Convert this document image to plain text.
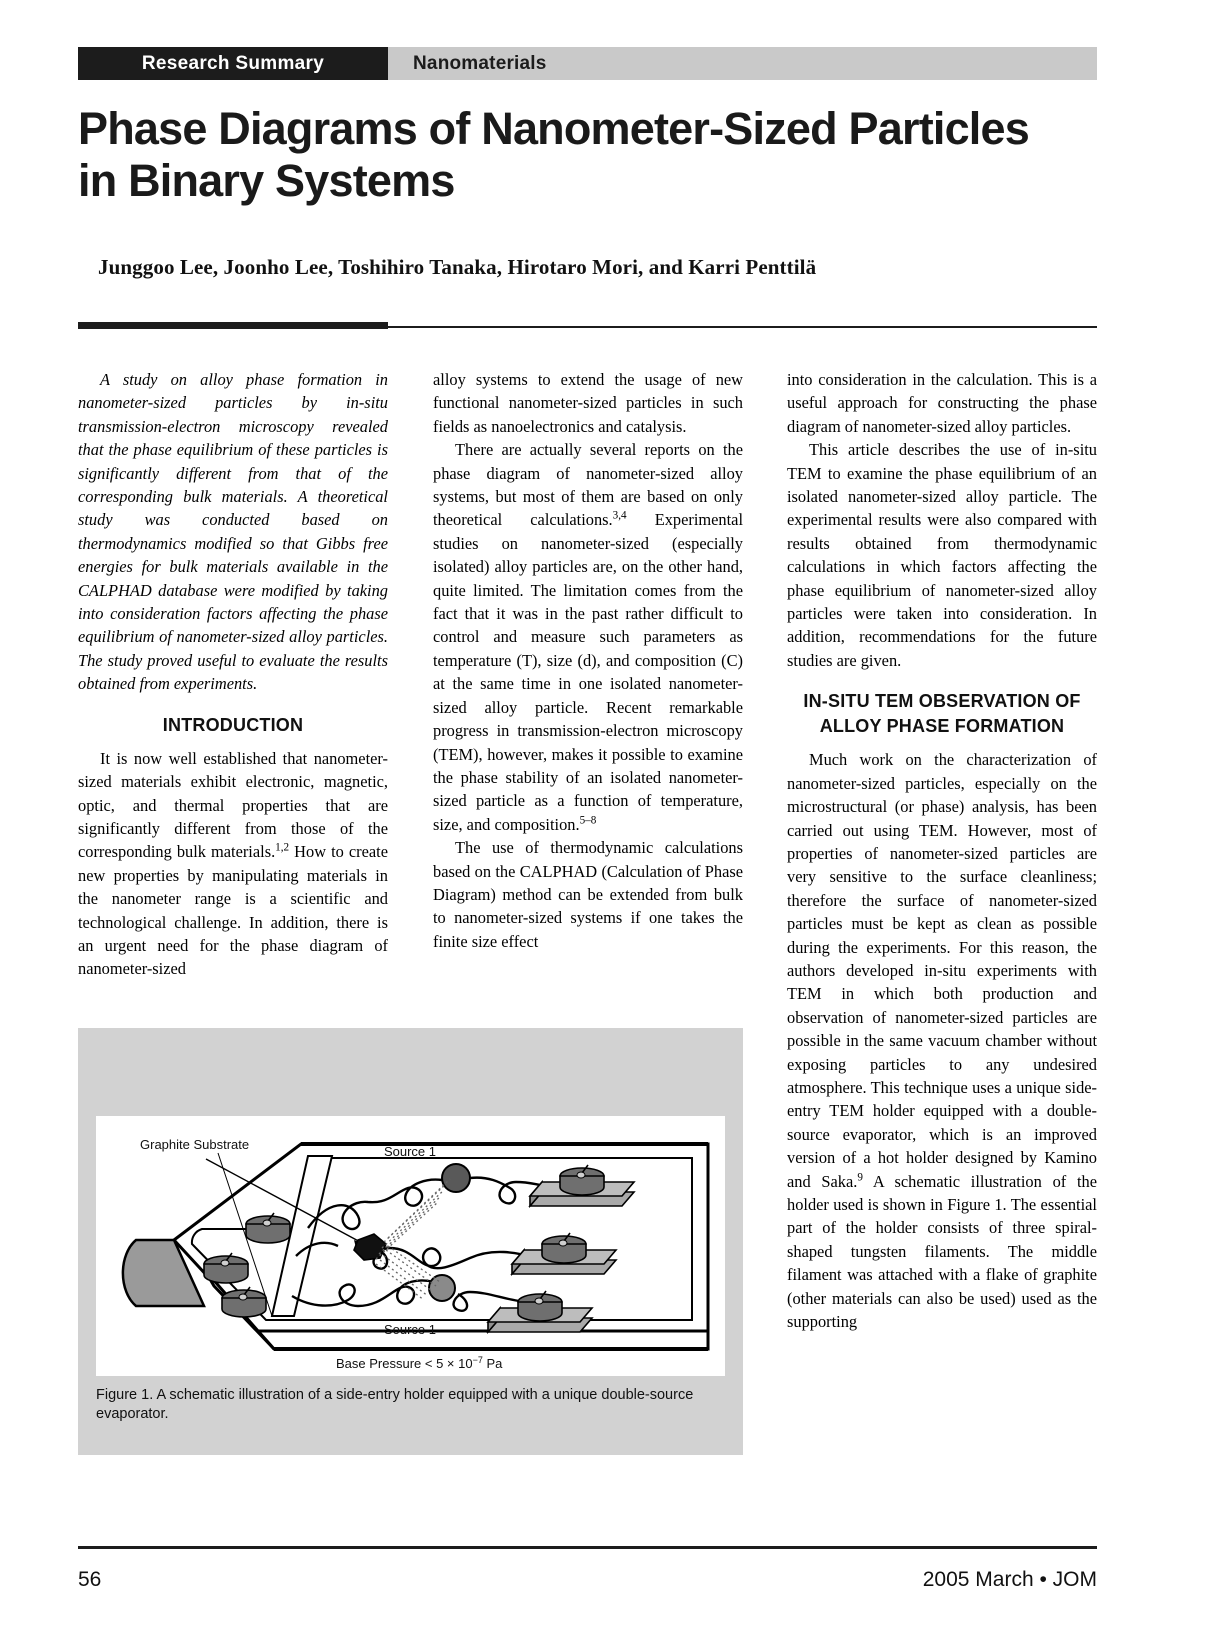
Research Summary	Nanomaterials
Phase Diagrams of Nanometer-Sized Particles in Binary Systems
Junggoo Lee, Joonho Lee, Toshihiro Tanaka, Hirotaro Mori, and Karri Penttilä

A study on alloy phase formation in nanometer-sized particles by in-situ transmission-electron microscopy revealed that the phase equilibrium of these particles is significantly different from that of the corresponding bulk materials. A theoretical study was conducted based on thermodynamics modified so that Gibbs free energies for bulk materials available in the CALPHAD database were modified by taking into consideration factors affecting the phase equilibrium of nanometer-sized alloy particles. The study proved useful to evaluate the results obtained from experiments.

INTRODUCTION

It is now well established that nanometer-sized materials exhibit electronic, magnetic, optic, and thermal properties that are significantly different from those of the corresponding bulk materials.$^{1,2}$ How to create new properties by manipulating materials in the nanometer range is a scientific and technological challenge. In addition, there is an urgent need for the phase diagram of nanometer-sized

alloy systems to extend the usage of new functional nanometer-sized particles in such fields as nanoelectronics and catalysis.

There are actually several reports on the phase diagram of nanometer-sized alloy systems, but most of them are based on only theoretical calculations.$^{3,4}$ Experimental studies on nanometer-sized (especially isolated) alloy particles are, on the other hand, quite limited. The limitation comes from the fact that it was in the past rather difficult to control and measure such parameters as temperature (T), size (d), and composition (C) at the same time in one isolated nanometer-sized alloy particle. Recent remarkable progress in transmission-electron microscopy (TEM), however, makes it possible to examine the phase stability of an isolated nanometer-sized particle as a function of temperature, size, and composition.$^{5-8}$

The use of thermodynamic calculations based on the CALPHAD (Calculation of Phase Diagram) method can be extended from bulk to nanometer-sized systems if one takes the finite size effect

into consideration in the calculation. This is a useful approach for constructing the phase diagram of nanometer-sized alloy particles.

This article describes the use of in-situ TEM to examine the phase equilibrium of an isolated nanometer-sized alloy particle. The experimental results were also compared with results obtained from thermodynamic calculations in which factors affecting the phase equilibrium of nanometer-sized alloy particles were taken into consideration. In addition, recommendations for the future studies are given.

IN-SITU TEM OBSERVATION OF ALLOY PHASE FORMATION

Much work on the characterization of nanometer-sized particles, especially on the microstructural (or phase) analysis, has been carried out using TEM. However, most of properties of nanometer-sized particles are very sensitive to the surface cleanliness; therefore the surface of nanometer-sized particles must be kept as clean as possible during the experiments. For this reason, the authors developed in-situ experiments with TEM in which both production and observation of nanometer-sized particles are possible in the same vacuum chamber without exposing particles to any undesired atmosphere. This technique uses a unique side-entry TEM holder equipped with a double-source evaporator, which is an improved version of a hot holder designed by Kamino and Saka.$^9$ A schematic illustration of the holder used is shown in Figure 1. The essential part of the holder consists of three spiral-shaped tungsten filaments. The middle filament was attached with a flake of graphite (other materials can also be used) used as the supporting

Graphite Substrate	Source 1
Source 1
Base Pressure < $5 \times 10^{-7}$ Pa
Figure 1. A schematic illustration of a side-entry holder equipped with a unique double-source evaporator.
56	2005 March • JOM
